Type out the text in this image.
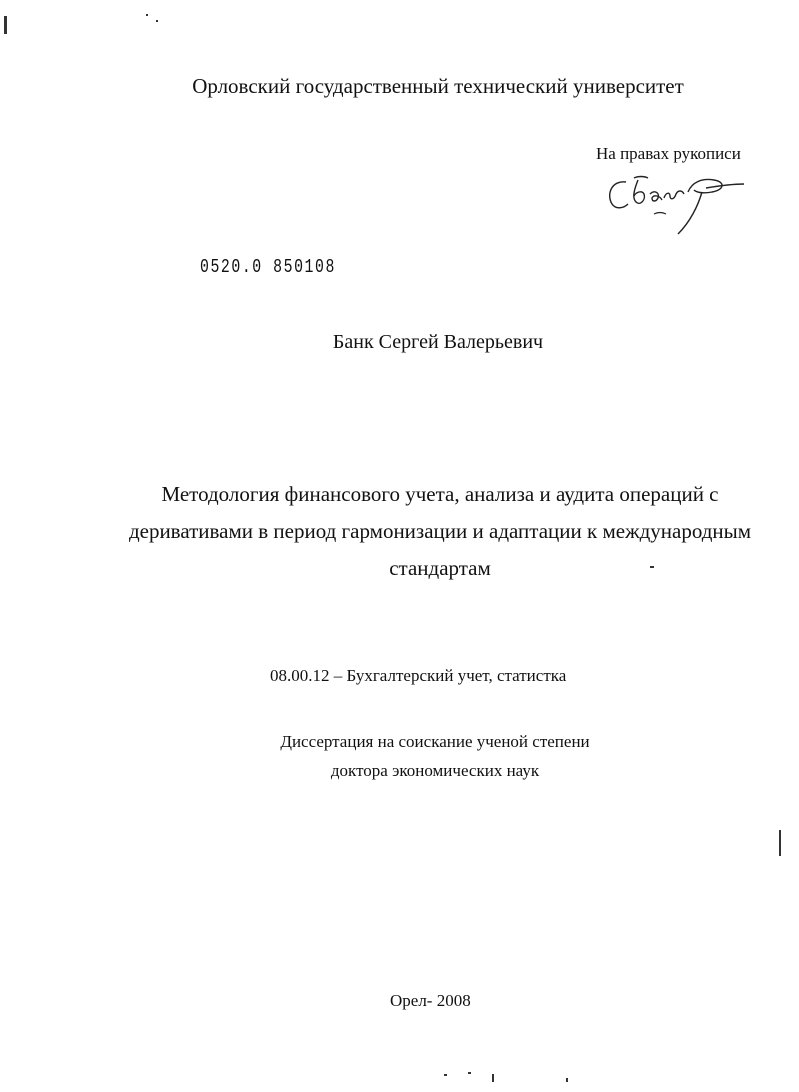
Орловский государственный технический университет
На правах рукописи
0520.0 850108
Банк Сергей Валерьевич
Методология финансового учета, анализа и аудита операций с
деривативами в период гармонизации и адаптации к международным
стандартам
08.00.12 – Бухгалтерский учет, статистка
Диссертация на соискание ученой степени
доктора экономических наук
Орел- 2008
